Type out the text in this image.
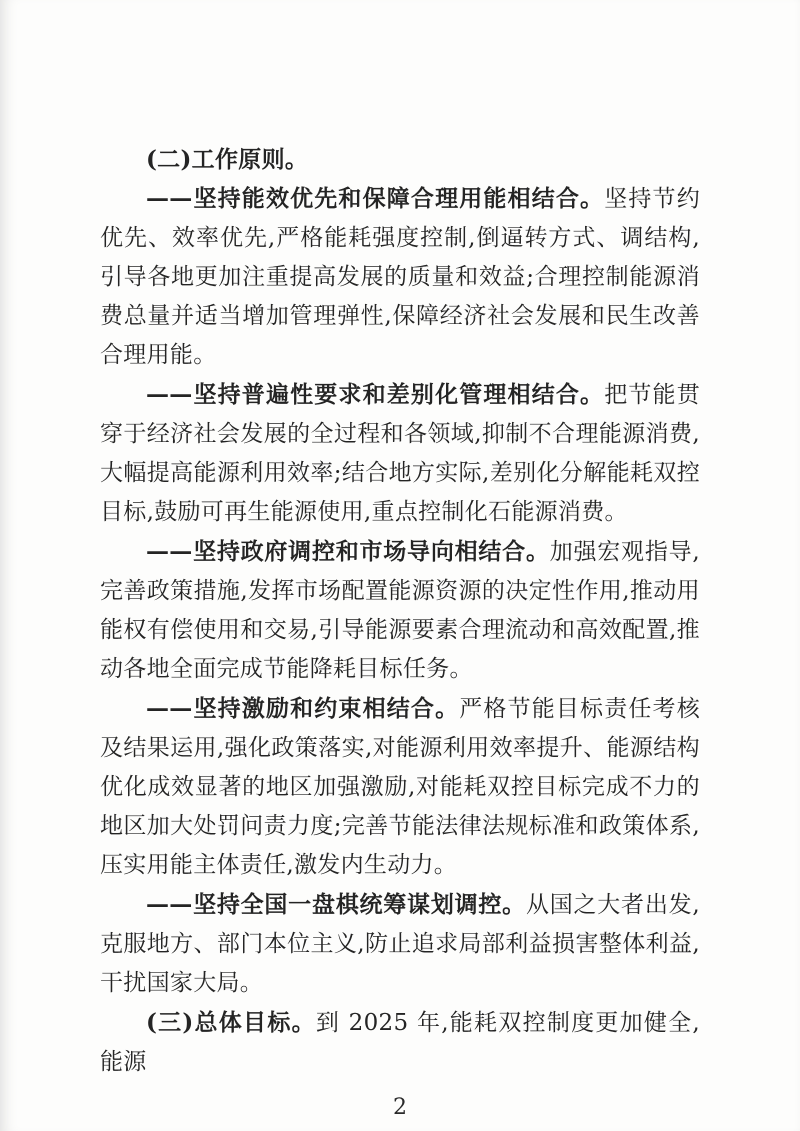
(二)工作原则。

——坚持能效优先和保障合理用能相结合。坚持节约优先、效率优先,严格能耗强度控制,倒逼转方式、调结构,引导各地更加注重提高发展的质量和效益;合理控制能源消费总量并适当增加管理弹性,保障经济社会发展和民生改善合理用能。

——坚持普遍性要求和差别化管理相结合。把节能贯穿于经济社会发展的全过程和各领域,抑制不合理能源消费,大幅提高能源利用效率;结合地方实际,差别化分解能耗双控目标,鼓励可再生能源使用,重点控制化石能源消费。

——坚持政府调控和市场导向相结合。加强宏观指导,完善政策措施,发挥市场配置能源资源的决定性作用,推动用能权有偿使用和交易,引导能源要素合理流动和高效配置,推动各地全面完成节能降耗目标任务。

——坚持激励和约束相结合。严格节能目标责任考核及结果运用,强化政策落实,对能源利用效率提升、能源结构优化成效显著的地区加强激励,对能耗双控目标完成不力的地区加大处罚问责力度;完善节能法律法规标准和政策体系,压实用能主体责任,激发内生动力。

——坚持全国一盘棋统筹谋划调控。从国之大者出发,克服地方、部门本位主义,防止追求局部利益损害整体利益,干扰国家大局。

(三)总体目标。到 2025 年,能耗双控制度更加健全,能源

2
